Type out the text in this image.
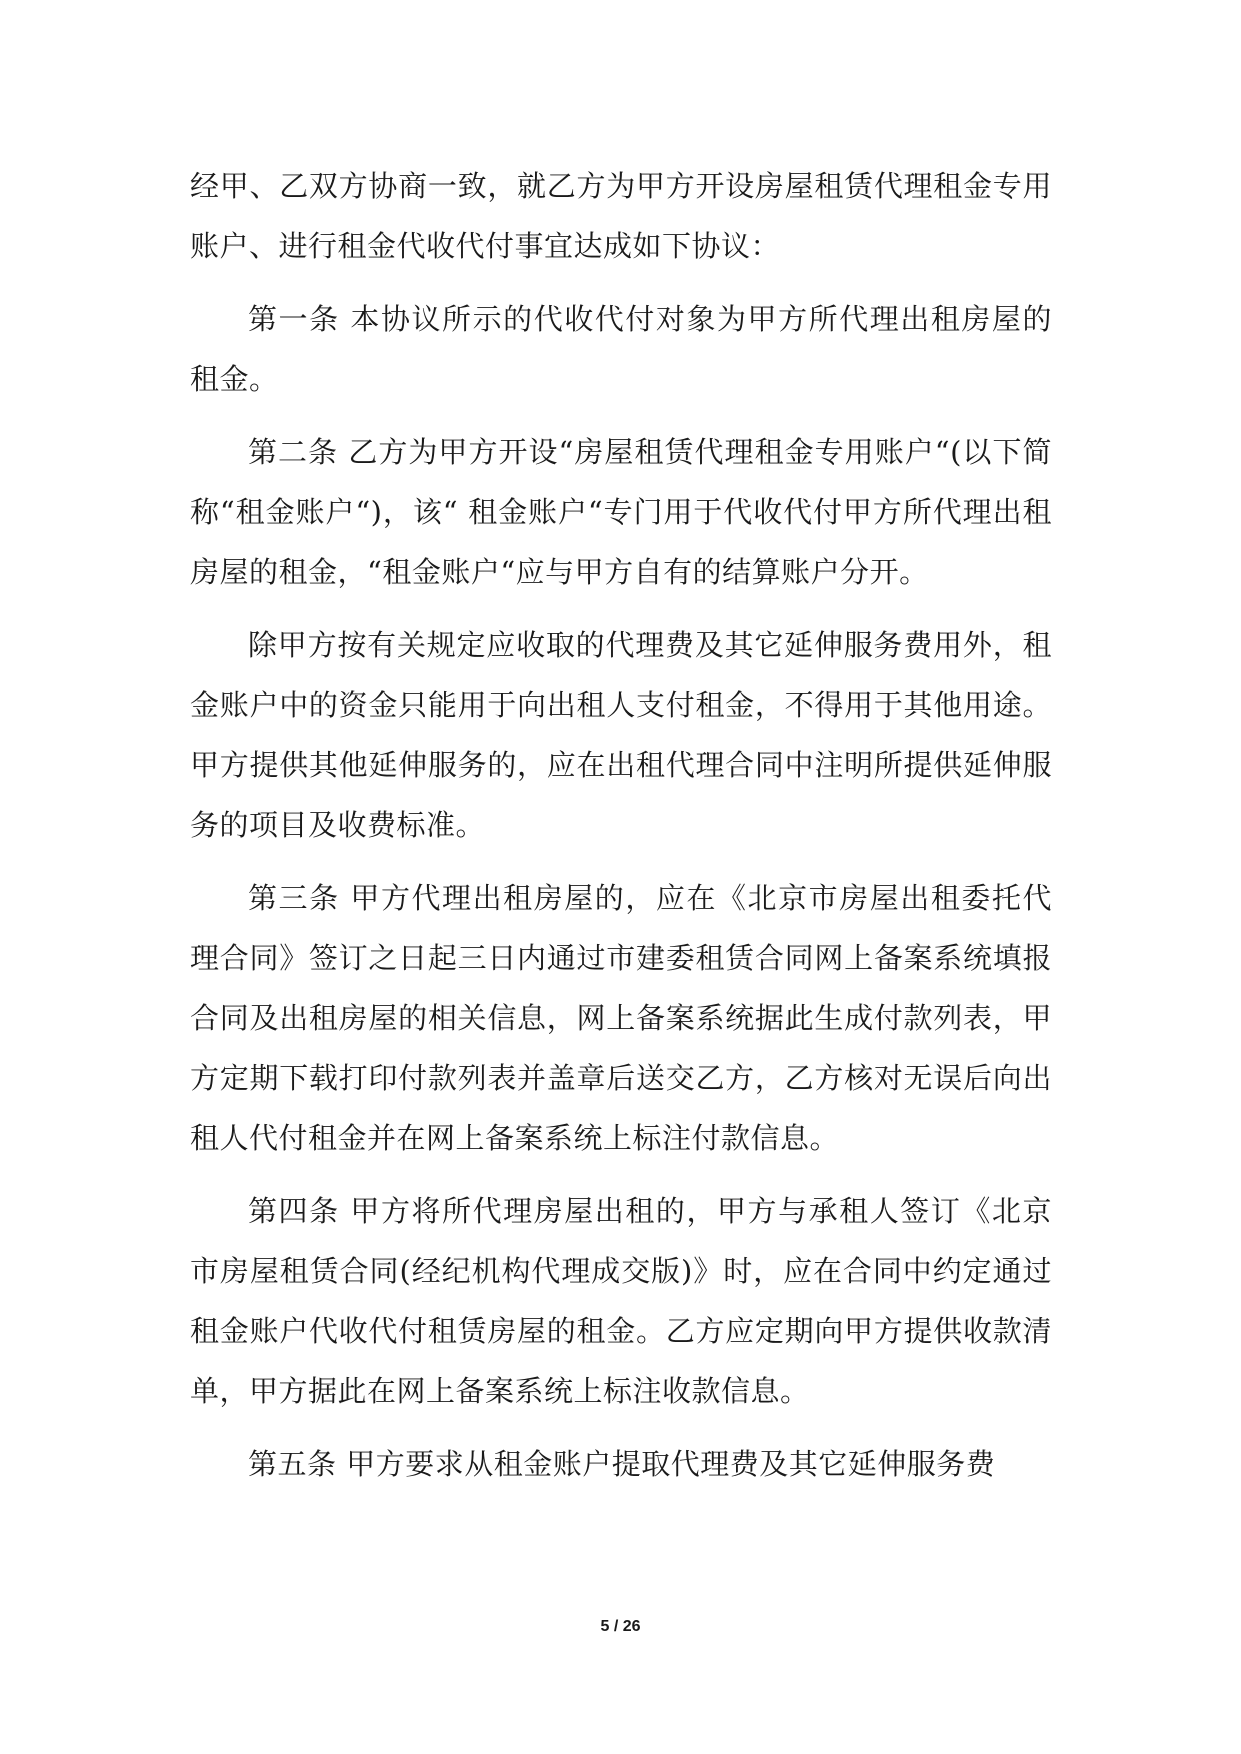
经甲、乙双方协商一致，就乙方为甲方开设房屋租赁代理租金专用账户、进行租金代收代付事宜达成如下协议：

第一条 本协议所示的代收代付对象为甲方所代理出租房屋的租金。

第二条 乙方为甲方开设“房屋租赁代理租金专用账户“(以下简称“租金账户“)，该“ 租金账户“专门用于代收代付甲方所代理出租房屋的租金，“租金账户“应与甲方自有的结算账户分开。

除甲方按有关规定应收取的代理费及其它延伸服务费用外，租金账户中的资金只能用于向出租人支付租金，不得用于其他用途。甲方提供其他延伸服务的，应在出租代理合同中注明所提供延伸服务的项目及收费标准。

第三条 甲方代理出租房屋的，应在《北京市房屋出租委托代理合同》签订之日起三日内通过市建委租赁合同网上备案系统填报合同及出租房屋的相关信息，网上备案系统据此生成付款列表，甲方定期下载打印付款列表并盖章后送交乙方，乙方核对无误后向出租人代付租金并在网上备案系统上标注付款信息。

第四条 甲方将所代理房屋出租的，甲方与承租人签订《北京市房屋租赁合同(经纪机构代理成交版)》时，应在合同中约定通过租金账户代收代付租赁房屋的租金。乙方应定期向甲方提供收款清单，甲方据此在网上备案系统上标注收款信息。

第五条 甲方要求从租金账户提取代理费及其它延伸服务费

5 / 26
